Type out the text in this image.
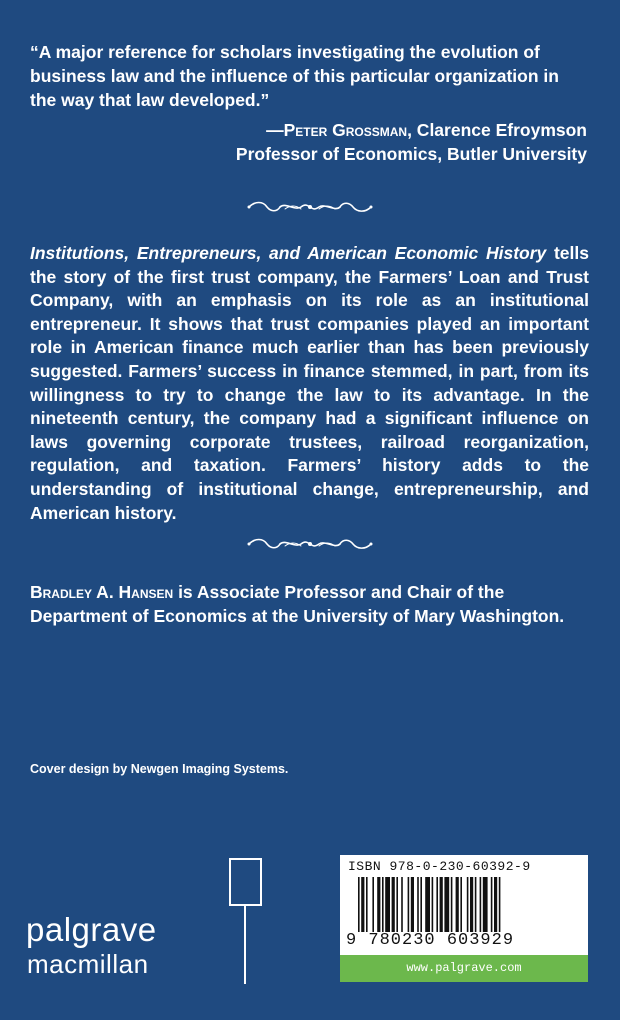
“A major reference for scholars investigating the evolution of business law and the influence of this particular organization in the way that law developed.”
—Peter Grossman, Clarence Efroymson
Professor of Economics, Butler University
Institutions, Entrepreneurs, and American Economic History tells the story of the first trust company, the Farmers’ Loan and Trust Company, with an emphasis on its role as an institutional entrepreneur. It shows that trust companies played an important role in American finance much earlier than has been previously suggested. Farmers’ success in finance stemmed, in part, from its willingness to try to change the law to its advantage. In the nineteenth century, the company had a significant influence on laws governing corporate trustees, railroad reorganization, regulation, and taxation. Farmers’ history adds to the understanding of institutional change, entrepreneurship, and American history.
Bradley A. Hansen is Associate Professor and Chair of the Department of Economics at the University of Mary Washington.
Cover design by Newgen Imaging Systems.
palgrave
macmillan
ISBN 978-0-230-60392-9
9 780230 603929
www.palgrave.com
